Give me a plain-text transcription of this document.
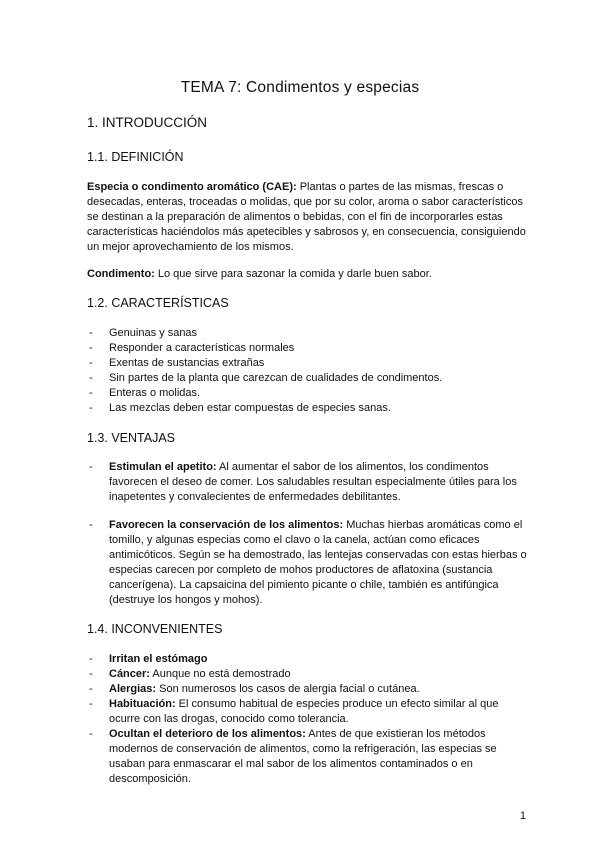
TEMA 7: Condimentos y especias
1. INTRODUCCIÓN
1.1. DEFINICIÓN
Especia o condimento aromático (CAE): Plantas o partes de las mismas, frescas o desecadas, enteras, troceadas o molidas, que por su color, aroma o sabor característicos se destinan a la preparación de alimentos o bebidas, con el fin de incorporarles estas características haciéndolos más apetecibles y sabrosos y, en consecuencia, consiguiendo un mejor aprovechamiento de los mismos.
Condimento: Lo que sirve para sazonar la comida y darle buen sabor.
1.2. CARACTERÍSTICAS
- Genuinas y sanas
- Responder a características normales
- Exentas de sustancias extrañas
- Sin partes de la planta que carezcan de cualidades de condimentos.
- Enteras o molidas.
- Las mezclas deben estar compuestas de especies sanas.
1.3. VENTAJAS
- Estimulan el apetito: Al aumentar el sabor de los alimentos, los condimentos favorecen el deseo de comer. Los saludables resultan especialmente útiles para los inapetentes y convalecientes de enfermedades debilitantes.
- Favorecen la conservación de los alimentos: Muchas hierbas aromáticas como el tomillo, y algunas especias como el clavo o la canela, actúan como eficaces antimicóticos. Según se ha demostrado, las lentejas conservadas con estas hierbas o especias carecen por completo de mohos productores de aflatoxina (sustancia cancerígena). La capsaicina del pimiento picante o chile, también es antifúngica (destruye los hongos y mohos).
1.4. INCONVENIENTES
- Irritan el estómago
- Cáncer: Aunque no está demostrado
- Alergias: Son numerosos los casos de alergia facial o cutánea.
- Habituación: El consumo habitual de especies produce un efecto similar al que ocurre con las drogas, conocido como tolerancia.
- Ocultan el deterioro de los alimentos: Antes de que existieran los métodos modernos de conservación de alimentos, como la refrigeración, las especias se usaban para enmascarar el mal sabor de los alimentos contaminados o en descomposición.
1
